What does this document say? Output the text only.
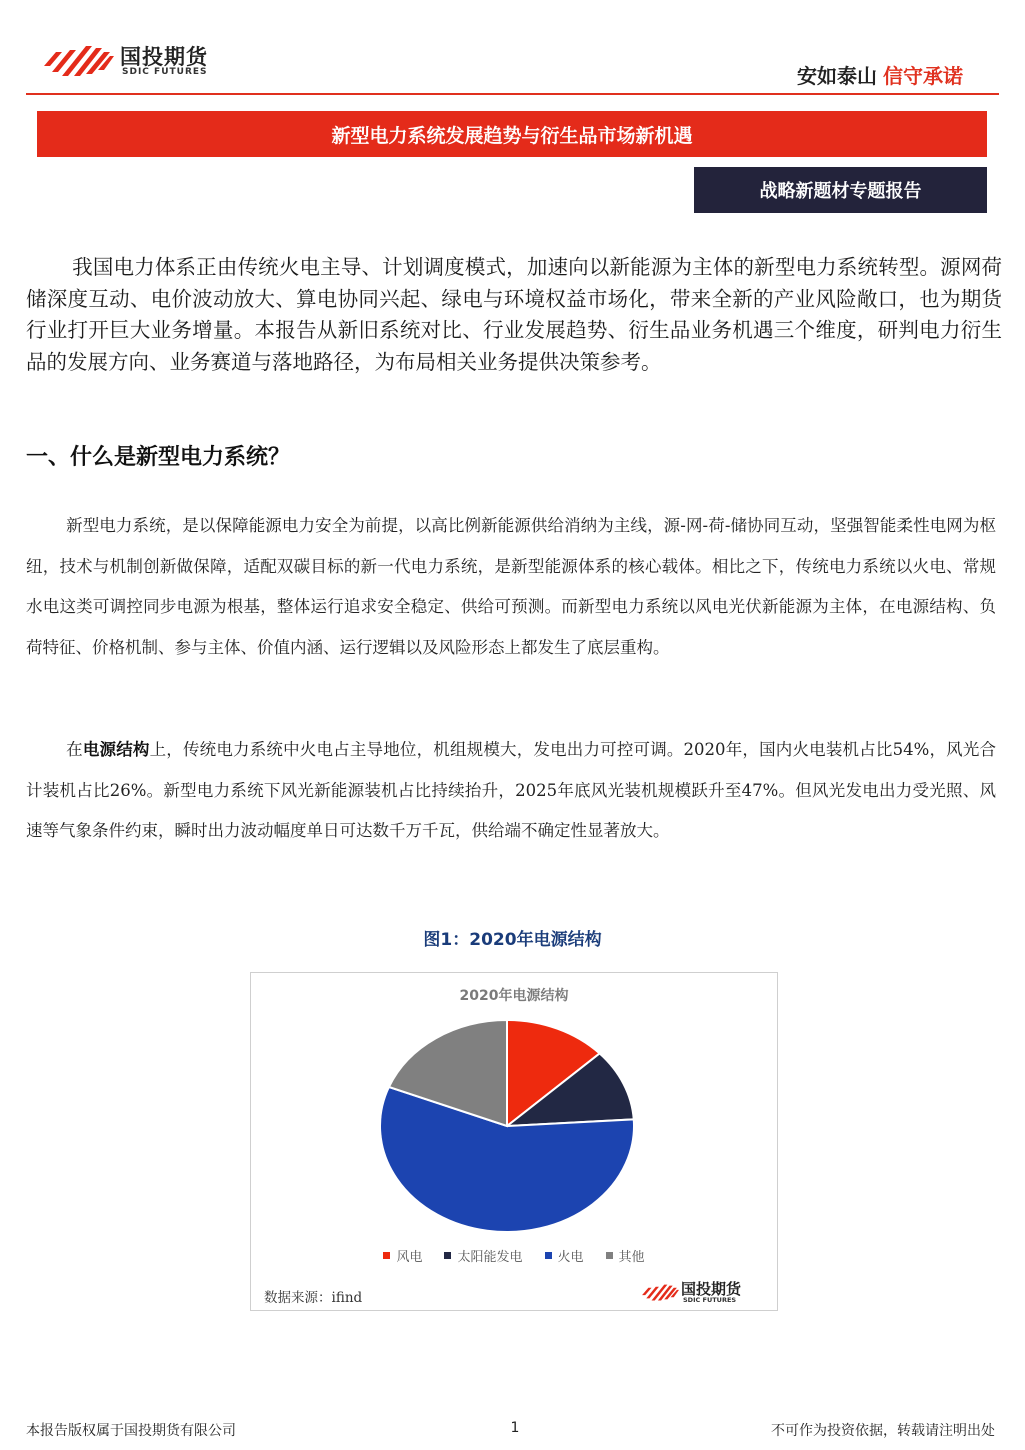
国投期货
SDIC FUTURES	安如泰山 信守承诺
新型电力系统发展趋势与衍生品市场新机遇
战略新题材专题报告
我国电力体系正由传统火电主导、计划调度模式，加速向以新能源为主体的新型电力系统转型。源网荷储深度互动、电价波动放大、算电协同兴起、绿电与环境权益市场化，带来全新的产业风险敞口，也为期货行业打开巨大业务增量。本报告从新旧系统对比、行业发展趋势、衍生品业务机遇三个维度，研判电力衍生品的发展方向、业务赛道与落地路径，为布局相关业务提供决策参考。
一、什么是新型电力系统？
新型电力系统，是以保障能源电力安全为前提，以高比例新能源供给消纳为主线，源-网-荷-储协同互动，坚强智能柔性电网为枢纽，技术与机制创新做保障，适配双碳目标的新一代电力系统，是新型能源体系的核心载体。相比之下，传统电力系统以火电、常规水电这类可调控同步电源为根基，整体运行追求安全稳定、供给可预测。而新型电力系统以风电光伏新能源为主体，在电源结构、负荷特征、价格机制、参与主体、价值内涵、运行逻辑以及风险形态上都发生了底层重构。
在电源结构上，传统电力系统中火电占主导地位，机组规模大，发电出力可控可调。2020年，国内火电装机占比54%，风光合计装机占比26%。新型电力系统下风光新能源装机占比持续抬升，2025年底风光装机规模跃升至47%。但风光发电出力受光照、风速等气象条件约束，瞬时出力波动幅度单日可达数千万千瓦，供给端不确定性显著放大。
图1：2020年电源结构
2020年电源结构
风电	太阳能发电	火电	其他
数据来源：ifind	国投期货
SDIC FUTURES
本报告版权属于国投期货有限公司	1	不可作为投资依据，转载请注明出处
